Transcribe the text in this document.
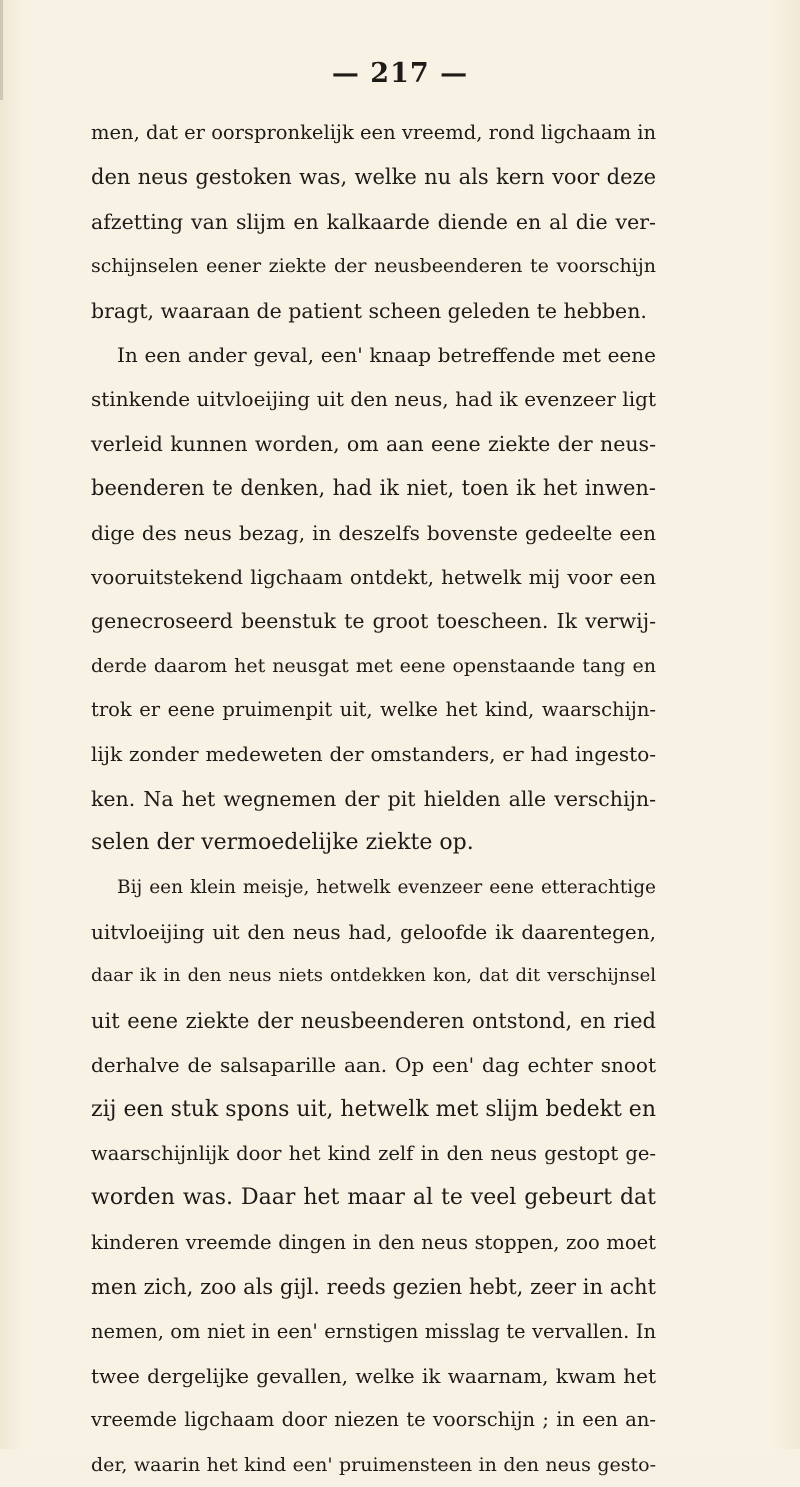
— 217 —
men, dat er oorspronkelijk een vreemd, rond ligchaam in
den neus gestoken was, welke nu als kern voor deze
afzetting van slijm en kalkaarde diende en al die ver-
schijnselen eener ziekte der neusbeenderen te voorschijn
bragt, waaraan de patient scheen geleden te hebben.
In een ander geval, een' knaap betreffende met eene
stinkende uitvloeijing uit den neus, had ik evenzeer ligt
verleid kunnen worden, om aan eene ziekte der neus-
beenderen te denken, had ik niet, toen ik het inwen-
dige des neus bezag, in deszelfs bovenste gedeelte een
vooruitstekend ligchaam ontdekt, hetwelk mij voor een
genecroseerd beenstuk te groot toescheen. Ik verwij-
derde daarom het neusgat met eene openstaande tang en
trok er eene pruimenpit uit, welke het kind, waarschijn-
lijk zonder medeweten der omstanders, er had ingesto-
ken. Na het wegnemen der pit hielden alle verschijn-
selen der vermoedelijke ziekte op.
Bij een klein meisje, hetwelk evenzeer eene etterachtige
uitvloeijing uit den neus had, geloofde ik daarentegen,
daar ik in den neus niets ontdekken kon, dat dit verschijnsel
uit eene ziekte der neusbeenderen ontstond, en ried
derhalve de salsaparille aan. Op een' dag echter snoot
zij een stuk spons uit, hetwelk met slijm bedekt en
waarschijnlijk door het kind zelf in den neus gestopt ge-
worden was. Daar het maar al te veel gebeurt dat
kinderen vreemde dingen in den neus stoppen, zoo moet
men zich, zoo als gijl. reeds gezien hebt, zeer in acht
nemen, om niet in een' ernstigen misslag te vervallen. In
twee dergelijke gevallen, welke ik waarnam, kwam het
vreemde ligchaam door niezen te voorschijn ; in een an-
der, waarin het kind een' pruimensteen in den neus gesto-
